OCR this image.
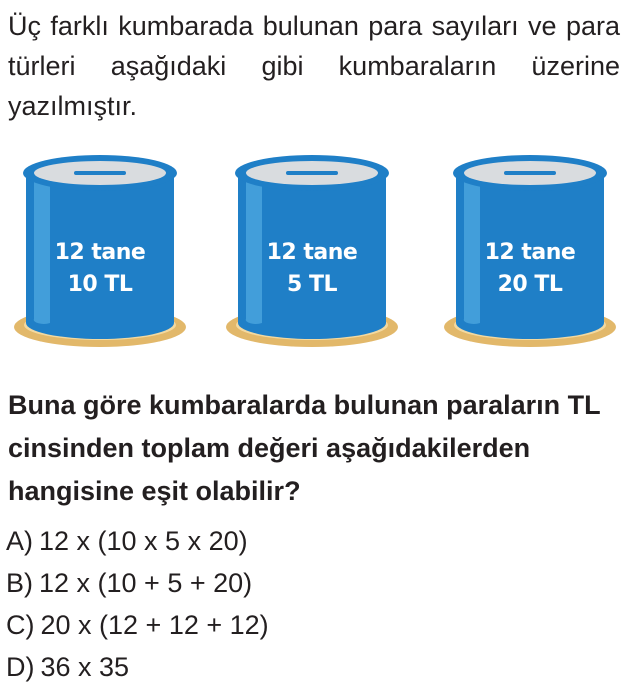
Üç farklı kumbarada bulunan para sayıları ve para türleri aşağıdaki gibi kumbaraların üzerine yazılmıştır.

12 tane
10 TL
12 tane
5 TL
12 tane
20 TL

Buna göre kumbaralarda bulunan paraların TL cinsinden toplam değeri aşağıdakilerden hangisine eşit olabilir?

A) 12 x (10 x 5 x 20)
B) 12 x (10 + 5 + 20)
C) 20 x (12 + 12 + 12)
D) 36 x 35
